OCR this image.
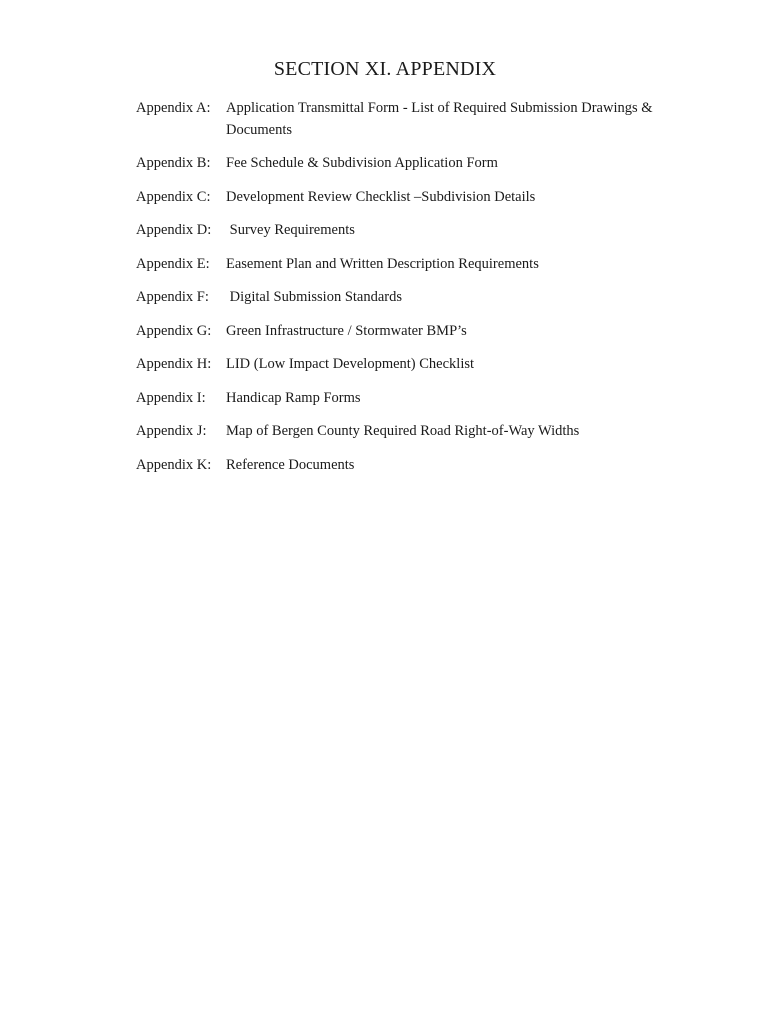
SECTION XI. APPENDIX
Appendix A:	Application Transmittal Form - List of Required Submission Drawings & Documents
Appendix B:	Fee Schedule & Subdivision Application Form
Appendix C:	Development Review Checklist –Subdivision Details
Appendix D:	Survey Requirements
Appendix E:	Easement Plan and Written Description Requirements
Appendix F:	Digital Submission Standards
Appendix G:	Green Infrastructure / Stormwater BMP’s
Appendix H:	LID (Low Impact Development) Checklist
Appendix I:	Handicap Ramp Forms
Appendix J:	Map of Bergen County Required Road Right-of-Way Widths
Appendix K:	Reference Documents
